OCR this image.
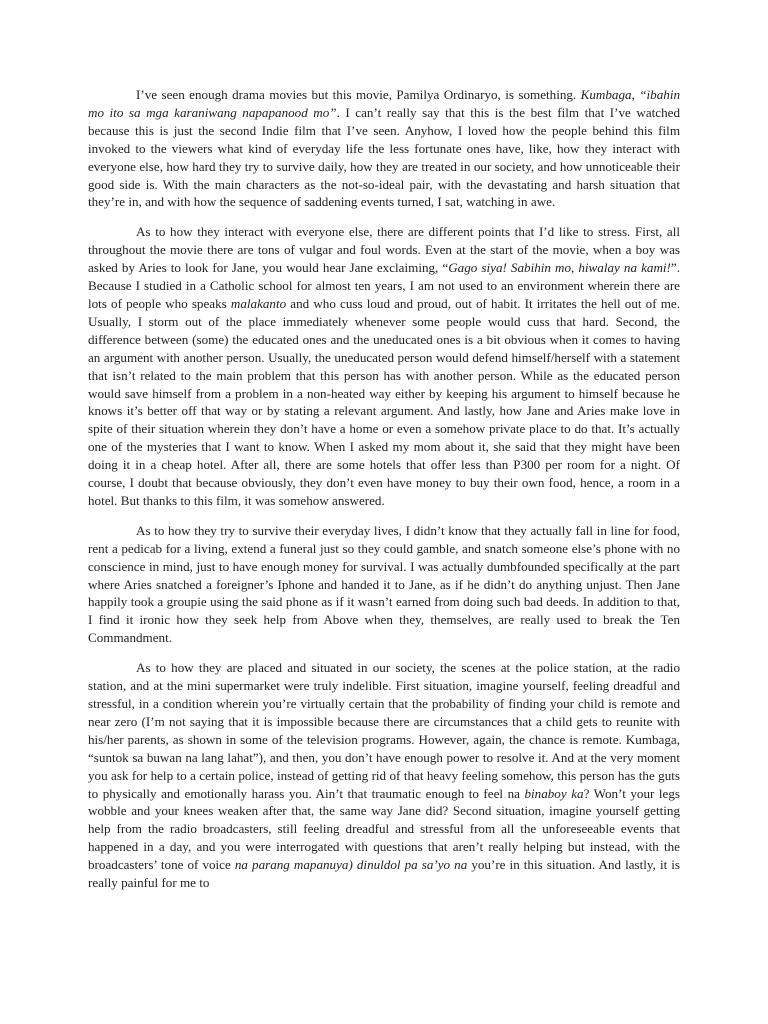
I’ve seen enough drama movies but this movie, Pamilya Ordinaryo, is something. Kumbaga, “ibahin mo ito sa mga karaniwang napapanood mo”. I can’t really say that this is the best film that I’ve watched because this is just the second Indie film that I’ve seen. Anyhow, I loved how the people behind this film invoked to the viewers what kind of everyday life the less fortunate ones have, like, how they interact with everyone else, how hard they try to survive daily, how they are treated in our society, and how unnoticeable their good side is. With the main characters as the not-so-ideal pair, with the devastating and harsh situation that they’re in, and with how the sequence of saddening events turned, I sat, watching in awe.

As to how they interact with everyone else, there are different points that I’d like to stress. First, all throughout the movie there are tons of vulgar and foul words. Even at the start of the movie, when a boy was asked by Aries to look for Jane, you would hear Jane exclaiming, “Gago siya! Sabihin mo, hiwalay na kami!”. Because I studied in a Catholic school for almost ten years, I am not used to an environment wherein there are lots of people who speaks malakanto and who cuss loud and proud, out of habit. It irritates the hell out of me. Usually, I storm out of the place immediately whenever some people would cuss that hard. Second, the difference between (some) the educated ones and the uneducated ones is a bit obvious when it comes to having an argument with another person. Usually, the uneducated person would defend himself/herself with a statement that isn’t related to the main problem that this person has with another person. While as the educated person would save himself from a problem in a non-heated way either by keeping his argument to himself because he knows it’s better off that way or by stating a relevant argument. And lastly, how Jane and Aries make love in spite of their situation wherein they don’t have a home or even a somehow private place to do that. It’s actually one of the mysteries that I want to know. When I asked my mom about it, she said that they might have been doing it in a cheap hotel. After all, there are some hotels that offer less than P300 per room for a night. Of course, I doubt that because obviously, they don’t even have money to buy their own food, hence, a room in a hotel. But thanks to this film, it was somehow answered.

As to how they try to survive their everyday lives, I didn’t know that they actually fall in line for food, rent a pedicab for a living, extend a funeral just so they could gamble, and snatch someone else’s phone with no conscience in mind, just to have enough money for survival. I was actually dumbfounded specifically at the part where Aries snatched a foreigner’s Iphone and handed it to Jane, as if he didn’t do anything unjust. Then Jane happily took a groupie using the said phone as if it wasn’t earned from doing such bad deeds. In addition to that, I find it ironic how they seek help from Above when they, themselves, are really used to break the Ten Commandment.

As to how they are placed and situated in our society, the scenes at the police station, at the radio station, and at the mini supermarket were truly indelible. First situation, imagine yourself, feeling dreadful and stressful, in a condition wherein you’re virtually certain that the probability of finding your child is remote and near zero (I’m not saying that it is impossible because there are circumstances that a child gets to reunite with his/her parents, as shown in some of the television programs. However, again, the chance is remote. Kumbaga, “suntok sa buwan na lang lahat”), and then, you don’t have enough power to resolve it. And at the very moment you ask for help to a certain police, instead of getting rid of that heavy feeling somehow, this person has the guts to physically and emotionally harass you. Ain’t that traumatic enough to feel na binaboy ka? Won’t your legs wobble and your knees weaken after that, the same way Jane did? Second situation, imagine yourself getting help from the radio broadcasters, still feeling dreadful and stressful from all the unforeseeable events that happened in a day, and you were interrogated with questions that aren’t really helping but instead, with the broadcasters’ tone of voice na parang mapanuya) dinuldol pa sa’yo na you’re in this situation. And lastly, it is really painful for me to
